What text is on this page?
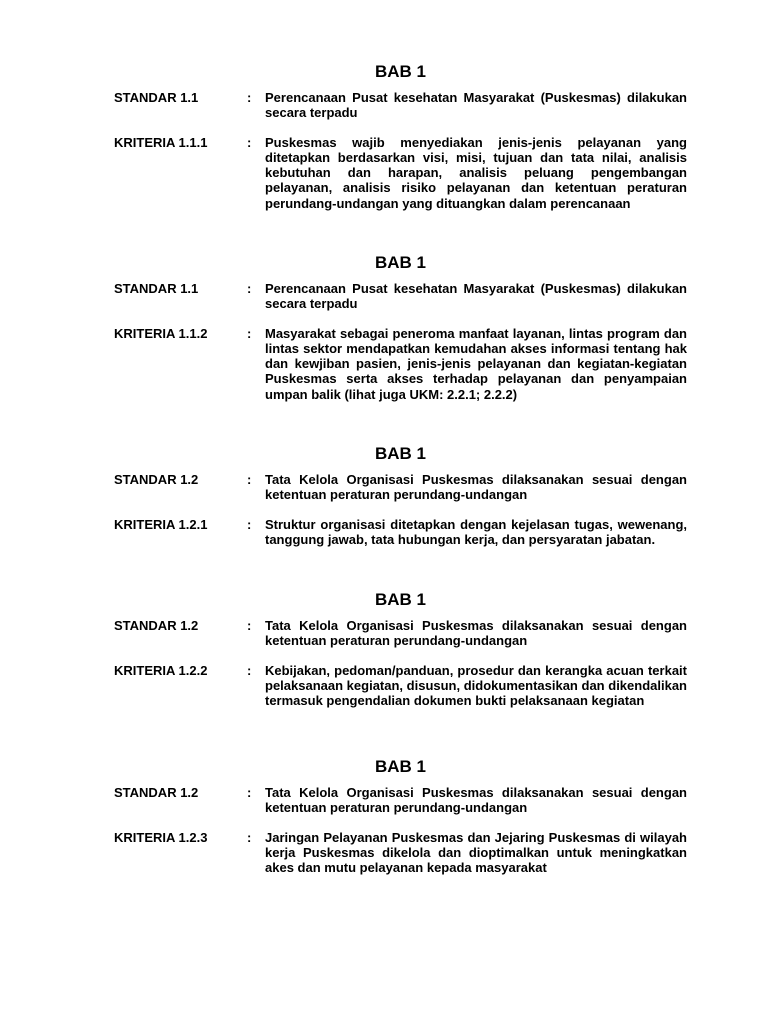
BAB 1
STANDAR 1.1	:	Perencanaan Pusat kesehatan Masyarakat (Puskesmas) dilakukan secara terpadu
KRITERIA 1.1.1	:	Puskesmas wajib menyediakan jenis-jenis pelayanan yang ditetapkan berdasarkan visi, misi, tujuan dan tata nilai, analisis kebutuhan dan harapan, analisis peluang pengembangan pelayanan, analisis risiko pelayanan dan ketentuan peraturan perundang-undangan yang dituangkan dalam perencanaan
BAB 1
STANDAR 1.1	:	Perencanaan Pusat kesehatan Masyarakat (Puskesmas) dilakukan secara terpadu
KRITERIA 1.1.2	:	Masyarakat sebagai peneroma manfaat layanan, lintas program dan lintas sektor mendapatkan kemudahan akses informasi tentang hak dan kewjiban pasien, jenis-jenis pelayanan dan kegiatan-kegiatan Puskesmas serta akses terhadap pelayanan dan penyampaian umpan balik (lihat juga UKM: 2.2.1; 2.2.2)
BAB 1
STANDAR 1.2	:	Tata Kelola Organisasi Puskesmas dilaksanakan sesuai dengan ketentuan peraturan perundang-undangan
KRITERIA 1.2.1	:	Struktur organisasi ditetapkan dengan kejelasan tugas, wewenang, tanggung jawab, tata hubungan kerja, dan persyaratan jabatan.
BAB 1
STANDAR 1.2	:	Tata Kelola Organisasi Puskesmas dilaksanakan sesuai dengan ketentuan peraturan perundang-undangan
KRITERIA 1.2.2	:	Kebijakan, pedoman/panduan, prosedur dan kerangka acuan terkait pelaksanaan kegiatan, disusun, didokumentasikan dan dikendalikan termasuk pengendalian dokumen bukti pelaksanaan kegiatan
BAB 1
STANDAR 1.2	:	Tata Kelola Organisasi Puskesmas dilaksanakan sesuai dengan ketentuan peraturan perundang-undangan
KRITERIA 1.2.3	:	Jaringan Pelayanan Puskesmas dan Jejaring Puskesmas di wilayah kerja Puskesmas dikelola dan dioptimalkan untuk meningkatkan akes dan mutu pelayanan kepada masyarakat
